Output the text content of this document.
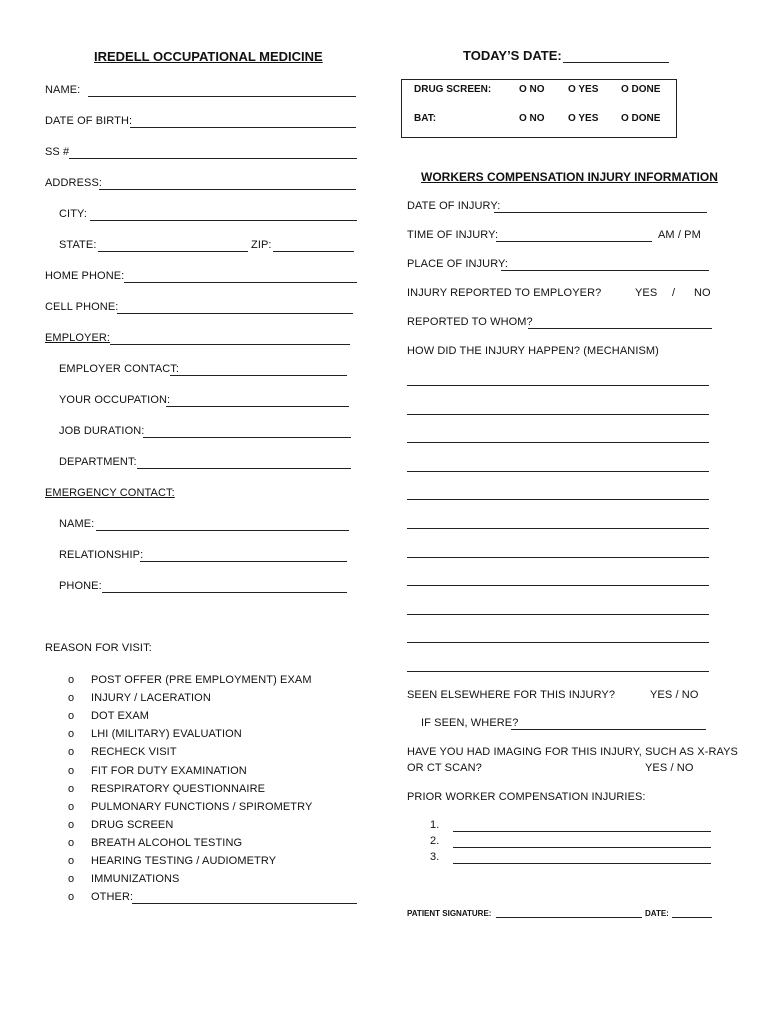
IREDELL OCCUPATIONAL MEDICINE	TODAY’S DATE:
DRUG SCREEN:	O NO O YES O DONE
BAT:	O NO O YES O DONE
NAME:
DATE OF BIRTH:
SS #
ADDRESS:
CITY:
STATE:	ZIP:
HOME PHONE:
CELL PHONE:
EMPLOYER:
EMPLOYER CONTACT:
YOUR OCCUPATION:
JOB DURATION:
DEPARTMENT:
EMERGENCY CONTACT:
NAME:
RELATIONSHIP:
PHONE:
REASON FOR VISIT:
o POST OFFER (PRE EMPLOYMENT) EXAM
o INJURY / LACERATION
o DOT EXAM
o LHI (MILITARY) EVALUATION
o RECHECK VISIT
o FIT FOR DUTY EXAMINATION
o RESPIRATORY QUESTIONNAIRE
o PULMONARY FUNCTIONS / SPIROMETRY
o DRUG SCREEN
o BREATH ALCOHOL TESTING
o HEARING TESTING / AUDIOMETRY
o IMMUNIZATIONS
o OTHER:
WORKERS COMPENSATION INJURY INFORMATION
DATE OF INJURY:
TIME OF INJURY:	AM / PM
PLACE OF INJURY:
INJURY REPORTED TO EMPLOYER?	YES / NO
REPORTED TO WHOM?
HOW DID THE INJURY HAPPEN? (MECHANISM)
SEEN ELSEWHERE FOR THIS INJURY?	YES / NO
IF SEEN, WHERE?
HAVE YOU HAD IMAGING FOR THIS INJURY, SUCH AS X-RAYS
OR CT SCAN?	YES / NO
PRIOR WORKER COMPENSATION INJURIES:
1.
2.
3.
PATIENT SIGNATURE:	DATE:
